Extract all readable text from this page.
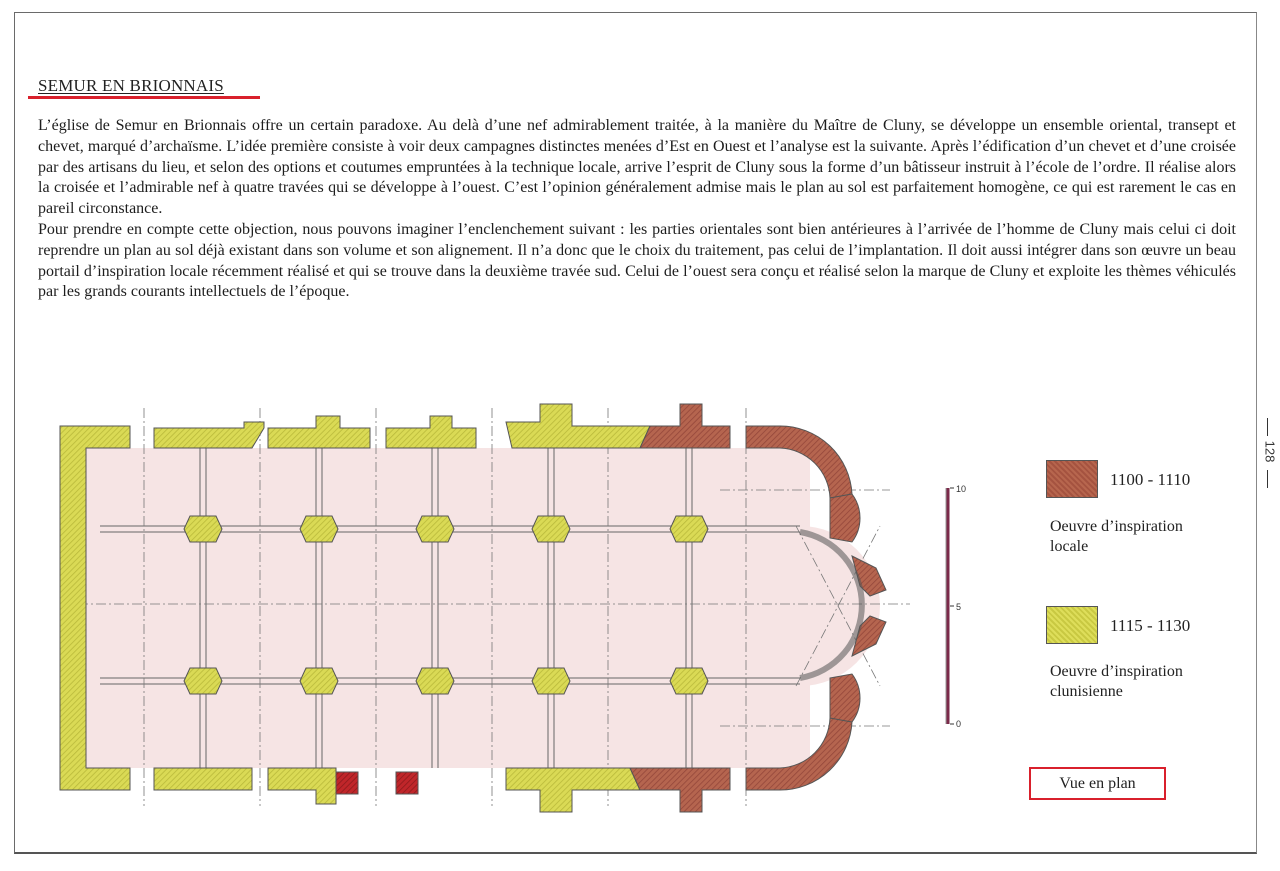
SEMUR EN BRIONNAIS

L’église de Semur en Brionnais offre un certain paradoxe. Au delà d’une nef admirablement traitée, à la manière du Maître de Cluny, se développe un ensemble oriental, transept et chevet, marqué d’archaïsme. L’idée première consiste à voir deux campagnes distinctes menées d’Est en Ouest et l’analyse est la suivante. Après l’édification d’un chevet et d’une croisée par des artisans du lieu, et selon des options et coutumes empruntées à la technique locale, arrive l’esprit de Cluny sous la forme d’un bâtisseur instruit à l’école de l’ordre. Il réalise alors la croisée et l’admirable nef à quatre travées qui se développe à l’ouest. C’est l’opinion généralement admise mais le plan au sol est parfaitement homogène, ce qui est rarement le cas en pareil circonstance.

Pour prendre en compte cette objection, nous pouvons imaginer l’enclenchement suivant : les parties orientales sont bien antérieures à l’arrivée de l’homme de Cluny mais celui ci doit reprendre un plan au sol déjà existant dans son volume et son alignement. Il n’a donc que le choix du traitement, pas celui de l’implantation. Il doit aussi intégrer dans son œuvre un beau portail d’inspiration locale récemment réalisé et qui se trouve dans la deuxième travée sud. Celui de l’ouest sera conçu et réalisé selon la marque de Cluny et exploite les thèmes véhiculés par les grands courants intellectuels de l’époque.

10
5
0
1100 - 1110
Oeuvre d’inspiration
locale
1115 - 1130
Oeuvre d’inspiration
clunisienne
Vue en plan
128
